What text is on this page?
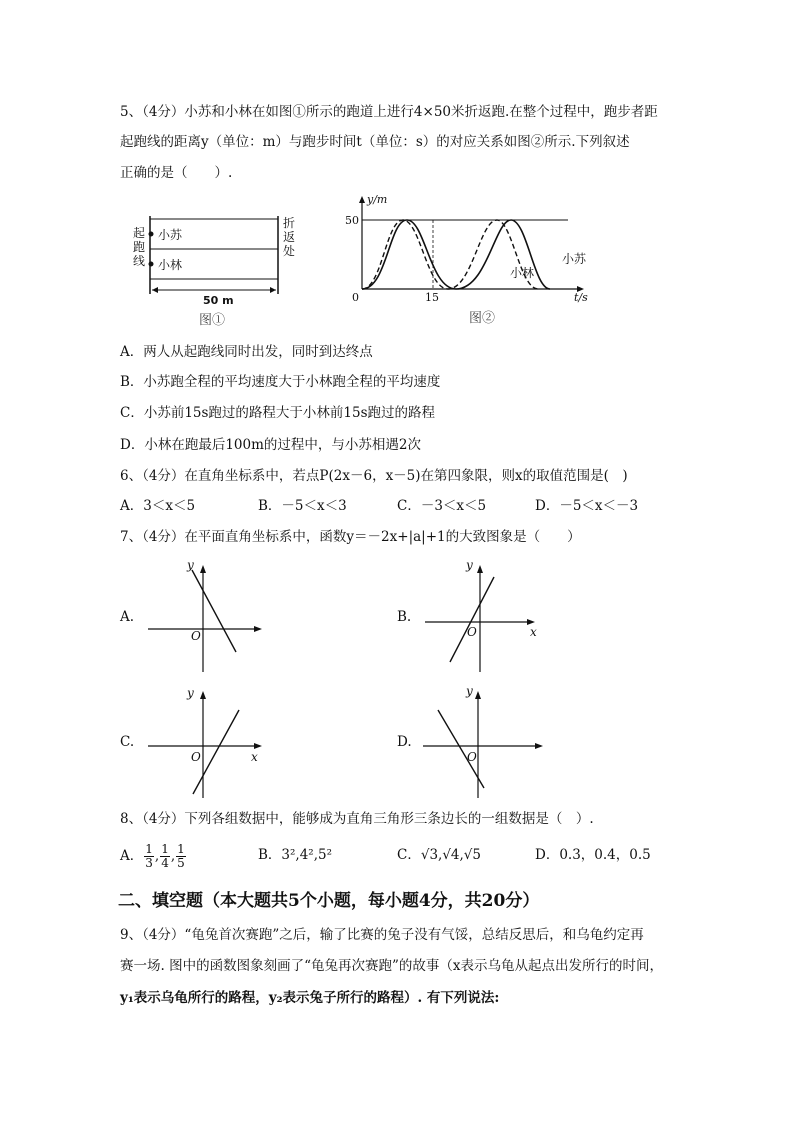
5、（4分）小苏和小林在如图①所示的跑道上进行4×50米折返跑.在整个过程中，跑步者距
起跑线的距离y（单位：m）与跑步时间t（单位：s）的对应关系如图②所示.下列叙述
正确的是（　　）.
起跑线
折返处
小苏
小林
50 m
图①
y/m
50
0	15	t/s
小苏
小林
图②
A．两人从起跑线同时出发，同时到达终点
B．小苏跑全程的平均速度大于小林跑全程的平均速度
C．小苏前15s跑过的路程大于小林前15s跑过的路程
D．小林在跑最后100m的过程中，与小苏相遇2次
6、（4分）在直角坐标系中，若点P(2x－6，x－5)在第四象限，则x的取值范围是(　)
A．3＜x＜5	B．－5＜x＜3	C．－3＜x＜5	D．－5＜x＜－3
7、（4分）在平面直角坐标系中，函数y＝－2x+|a|+1的大致图象是（　　）
A.
y
O
B.
y
O	x
C.
y
O	x
D.
y
O
8、（4分）下列各组数据中，能够成为直角三角形三条边长的一组数据是（　）.
A． $\frac{1}{3}$ , $\frac{1}{4}$ , $\frac{1}{5}$	B．3²,4²,5²	C．√3,√4,√5	D．0.3，0.4，0.5
二、填空题（本大题共5个小题，每小题4分，共20分）
9、（4分）“龟兔首次赛跑”之后，输了比赛的兔子没有气馁，总结反思后，和乌龟约定再
赛一场. 图中的函数图象刻画了“龟兔再次赛跑”的故事（x表示乌龟从起点出发所行的时间，
y₁表示乌龟所行的路程，y₂表示兔子所行的路程）. 有下列说法:
